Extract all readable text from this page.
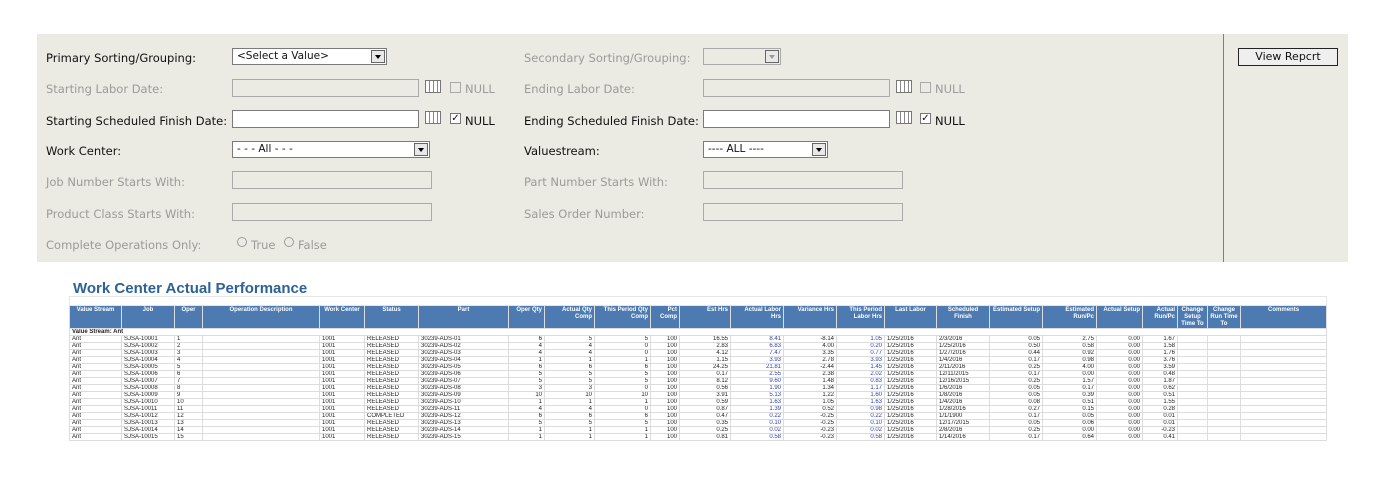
Primary Sorting/Grouping:	<Select a Value>	Secondary Sorting/Grouping:
Starting Labor Date:	NULL	Ending Labor Date:	NULL
Starting Scheduled Finish Date:	✓ NULL	Ending Scheduled Finish Date:	✓ NULL
Work Center:	- - - All - - -	Valuestream:	---- ALL ----
Job Number Starts With:	Part Number Starts With:
Product Class Starts With:	Sales Order Number:
Complete Operations Only:	True False
View Repcrt
Work Center Actual Performance

Value Stream	Job	Oper	Operation Description	Work Center	Status	Part	Oper Qty	Actual Qty Comp	This Period Qty Comp	Pct Comp	Est Hrs	Actual Labor Hrs	Variance Hrs	This Period Labor Hrs	Last Labor	Scheduled Finish	Estimated Setup	Estimated Run/Pc	Actual Setup	Actual Run/Pc	Change Setup Time To	Change Run Time To	Comments
Value Stream: Ant																							
Ant	SJSA-10001	1		1001	RELEASED	30239-ADS-01	6	5	5	100	16.55	8.41	-8.14	1.05	1/25/2016	2/3/2016	0.05	2.75	0.00	1.67			
Ant	SJSA-10002	2		1001	RELEASED	30239-ADS-02	4	4	0	100	2.83	6.83	4.00	0.20	1/25/2016	1/25/2016	0.50	0.58	0.00	1.58			
Ant	SJSA-10003	3		1001	RELEASED	30239-ADS-03	4	4	0	100	4.12	7.47	3.35	0.77	1/25/2016	1/27/2016	0.44	0.92	0.00	1.76			
Ant	SJSA-10004	4		1001	RELEASED	30239-ADS-04	1	1	1	100	1.15	3.93	2.78	3.93	1/25/2016	1/4/2016	0.17	0.98	0.00	3.76			
Ant	SJSA-10005	5		1001	RELEASED	30239-ADS-05	6	6	6	100	24.25	21.81	-2.44	1.45	1/25/2016	2/11/2016	0.25	4.00	0.00	3.59			
Ant	SJSA-10006	6		1001	RELEASED	30239-ADS-06	5	5	5	100	0.17	2.55	2.38	2.02	1/25/2016	12/11/2015	0.17	0.00	0.00	0.48			
Ant	SJSA-10007	7		1001	RELEASED	30239-ADS-07	5	5	5	100	8.12	9.60	1.48	0.83	1/25/2016	12/16/2015	0.25	1.57	0.00	1.87			
Ant	SJSA-10008	8		1001	RELEASED	30239-ADS-08	3	3	0	100	0.56	1.90	1.34	1.17	1/25/2016	1/6/2016	0.05	0.17	0.00	0.62			
Ant	SJSA-10009	9		1001	RELEASED	30239-ADS-09	10	10	10	100	3.91	5.13	1.22	1.60	1/25/2016	1/8/2016	0.05	0.39	0.00	0.51			
Ant	SJSA-10010	10		1001	RELEASED	30239-ADS-10	1	1	1	100	0.59	1.63	1.05	1.63	1/25/2016	1/4/2016	0.08	0.51	0.00	1.55			
Ant	SJSA-10011	11		1001	RELEASED	30239-ADS-11	4	4	0	100	0.87	1.39	0.52	0.98	1/25/2016	1/28/2016	0.27	0.15	0.00	0.28			
Ant	SJSA-10012	12		1001	COMPLETED	30239-ADS-12	6	6	6	100	0.47	0.22	-0.25	0.22	1/25/2016	1/1/1900	0.17	0.05	0.00	0.01			
Ant	SJSA-10013	13		1001	RELEASED	30239-ADS-13	5	5	5	100	0.35	0.10	-0.25	0.10	1/25/2016	12/17/2015	0.05	0.06	0.00	0.01			
Ant	SJSA-10014	14		1001	RELEASED	30239-ADS-14	1	1	1	100	0.25	0.02	-0.23	0.02	1/25/2016	2/8/2016	0.25	0.00	0.00	-0.23			
Ant	SJSA-10015	15		1001	RELEASED	30239-ADS-15	1	1	1	100	0.81	0.58	-0.23	0.58	1/25/2016	1/14/2016	0.17	0.64	0.00	0.41			
